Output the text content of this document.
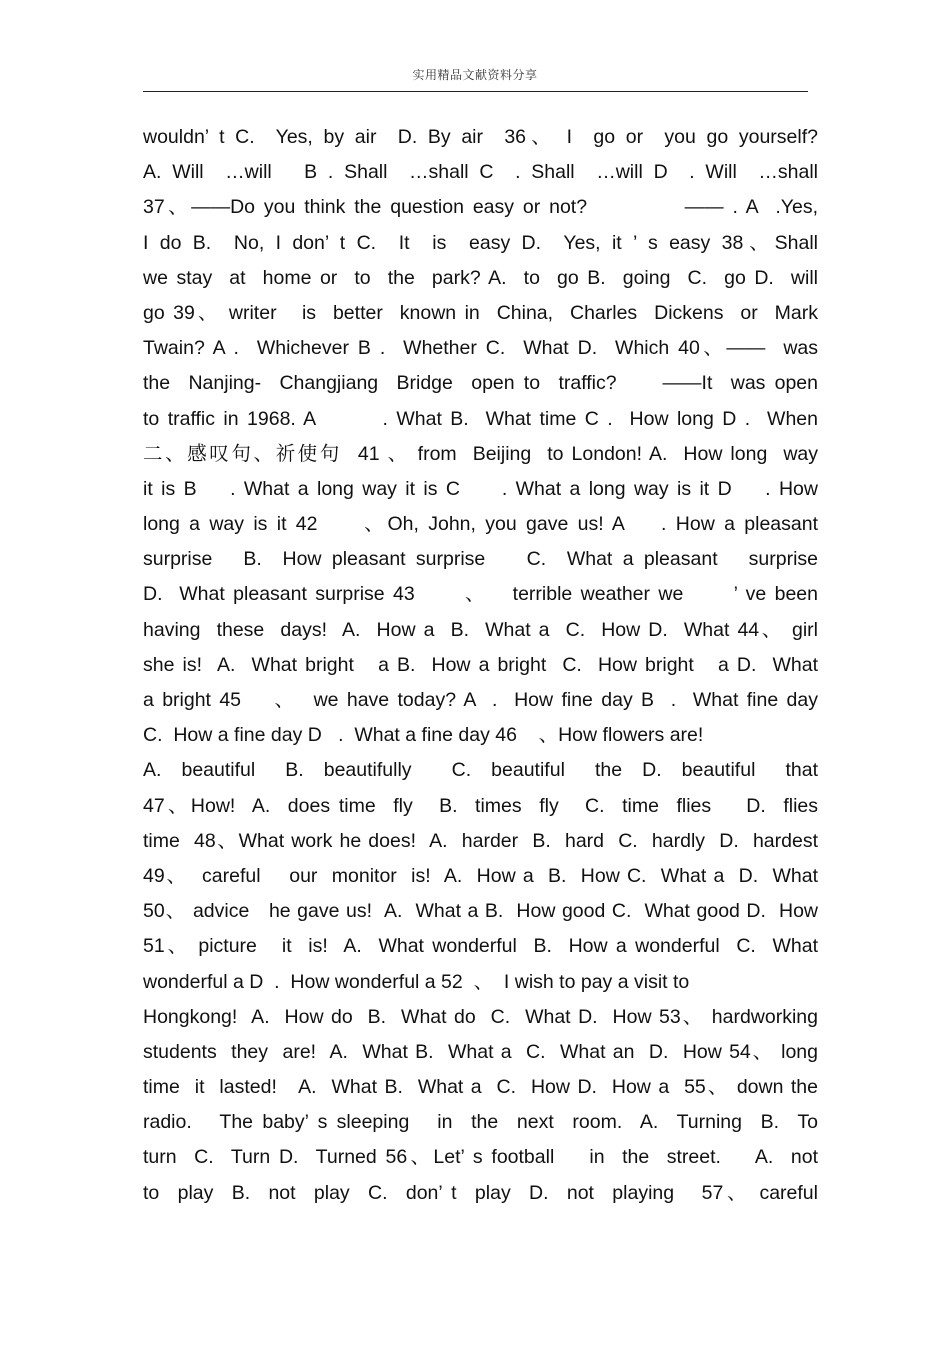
实用精品文献资料分享
wouldn’ t C.  Yes, by air  D. By air  36、 I  go or  you go yourself?
A. Will  …will   B . Shall  …shall C  . Shall  …will D  . Will  …shall
37、——Do you think the question easy or not?           —— . A  .Yes,
I do B.  No, I don’ t C.  It  is  easy D.  Yes, it ’ s easy 38、Shall
we stay  at  home or  to  the  park? A.  to  go B.  going  C.  go D.  will
go 39、 writer   is  better  known in  China,  Charles  Dickens  or  Mark
Twain? A .  Whichever B .  Whether C.  What D.  Which 40、——  was
the  Nanjing-  Changjiang  Bridge  open to  traffic?     ——It  was open
to traffic in 1968. A        . What B.  What time C .  How long D .  When
二、感叹句、祈使句  41 、 from  Beijing  to London! A.  How long  way
it is B    . What a long way it is C     . What a long way is it D    . How
long a way is it 42     、Oh, John, you gave us! A    . How a pleasant
surprise   B.  How pleasant surprise    C.  What a pleasant   surprise
D.  What pleasant surprise 43      、   terrible weather we      ’ ve been
having  these  days!  A.  How a  B.  What a  C.  How D.  What 44、 girl
she is!  A.  What bright   a B.  How a bright  C.  How bright   a D.  What
a bright 45    、  we have today? A  .  How fine day B  .  What fine day
C.  How a fine day D   .  What a fine day 46    、How flowers are!
A.  beautiful   B.  beautifully    C.  beautiful   the  D.  beautiful   that
47、How!  A.  does time  fly   B.  times  fly   C.  time  flies    D.  flies
time  48、What work he does!  A.  harder  B.  hard  C.  hardly  D.  hardest
49、  careful    our  monitor  is!  A.  How a  B.  How C.  What a  D.  What
50、 advice   he gave us!  A.  What a B.  How good C.  What good D.  How
51、 picture   it  is!  A.  What wonderful  B.  How a wonderful  C.  What
wonderful a D  .  How wonderful a 52  、  I wish to pay a visit to
Hongkong!  A.  How do  B.  What do  C.  What D.  How 53、 hardworking
students  they  are!  A.  What B.  What a  C.  What an  D.  How 54、 long
time  it  lasted!   A.  What B.  What a  C.  How D.  How a  55、 down the
radio.   The baby’ s sleeping   in  the  next  room.  A.  Turning  B.  To
turn  C.  Turn D.  Turned 56、Let’ s football    in  the  street.    A.  not
to  play  B.  not  play  C.  don’ t  play  D.  not  playing   57、 careful
